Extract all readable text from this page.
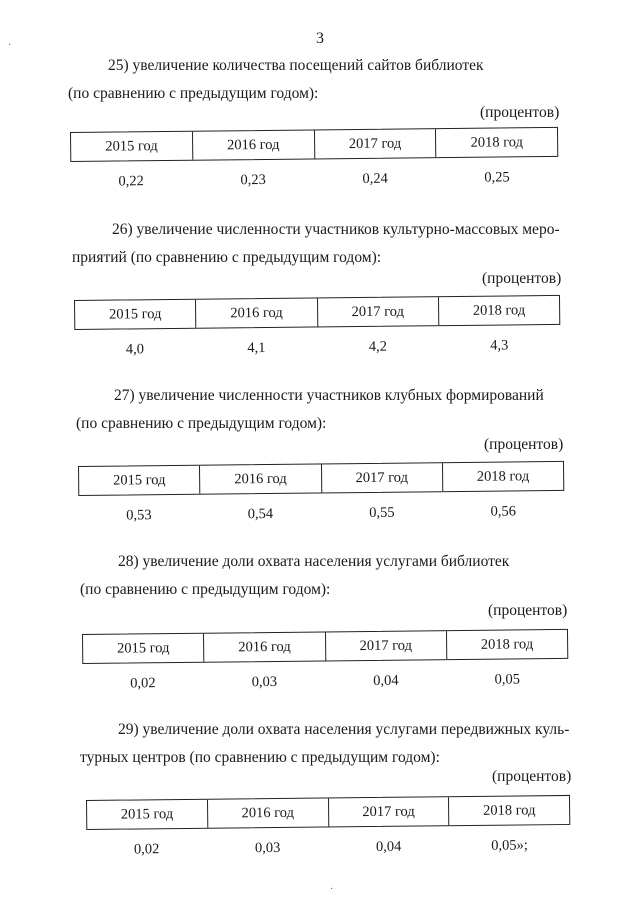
3
25) увеличение количества посещений сайтов библиотек
(по сравнению с предыдущим годом):
(процентов)
2015 год	2016 год	2017 год	2018 год
0,22	0,23	0,24	0,25
26) увеличение численности участников культурно-массовых меро-
приятий (по сравнению с предыдущим годом):
(процентов)
2015 год	2016 год	2017 год	2018 год
4,0	4,1	4,2	4,3
27) увеличение численности участников клубных формирований
(по сравнению с предыдущим годом):
(процентов)
2015 год	2016 год	2017 год	2018 год
0,53	0,54	0,55	0,56
28) увеличение доли охвата населения услугами библиотек
(по сравнению с предыдущим годом):
(процентов)
2015 год	2016 год	2017 год	2018 год
0,02	0,03	0,04	0,05
29) увеличение доли охвата населения услугами передвижных куль-
турных центров (по сравнению с предыдущим годом):
(процентов)
2015 год	2016 год	2017 год	2018 год
0,02	0,03	0,04	0,05»;
·
·
